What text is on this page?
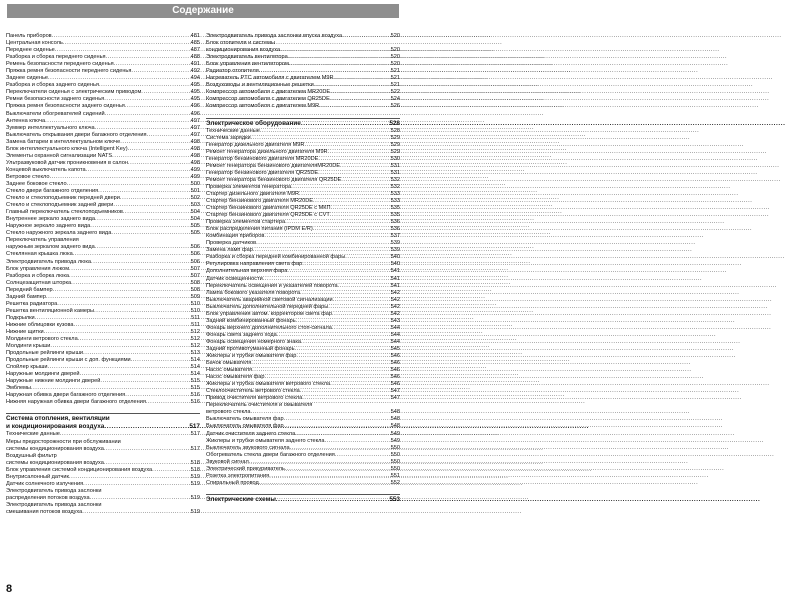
Содержание
Панель приборов .....	481
Центральная консоль .....	485
Переднее сиденье .....	487
Разборка и сборка переднего сиденья .....	488
Ремень безопасности переднего сиденья .....	491
Пряжка ремня безопасности переднего сиденья .....	492
Заднее сиденье .....	494
Разборка и сборка заднего сиденья .....	495
Переключатели сиденья с электрическим приводом .....	495
Ремни безопасности заднего сиденья .....	495
Пряжка ремня безопасности заднего сиденья .....	496
Выключатели обогревателей сидений .....	496
Антенна ключа .....	497
Зуммер интеллектуального ключа .....	497
Выключатель открывания двери багажного отделения .....	497
Замена батареи в интеллектуальном ключе .....	498
Блок интеллектуального ключа (Intelligent Key) .....	498
Элементы охранной сигнализации NATS .....	498
Ультразвуковой датчик проникновения в салон .....	498
Концевой выключатель капота .....	499
Ветровое стекло .....	499
Заднее боковое стекло .....	500
Стекло двери багажного отделения .....	501
Стекло и стеклоподъемник передней двери .....	502
Стекло и стеклоподъемник задней двери .....	503
Главный переключатель стеклоподъемников .....	504
Внутреннее зеркало заднего вида .....	504
Наружное зеркало заднего вида .....	505
Стекло наружного зеркала заднего вида .....	505
Переключатель управления
наружным зеркалом заднего вида .....	506
Стеклянная крышка люка .....	506
Электродвигатель привода люка .....	506
Блок управления люком .....	507
Разборка и сборка люка .....	507
Солнцезащитная шторка .....	508
Передний бампер .....	508
Задний бампер .....	509
Решетка радиатора .....	510
Решетка вентиляционной камеры .....	510
Подкрылки .....	511
Нижние облицовки кузова .....	511
Нижние щитки .....	512
Молдинги ветрового стекла .....	512
Молдинги крыши .....	512
Продольные рейлинги крыши .....	513
Продольные рейлинги крыши с доп. функциями .....	514
Спойлер крыши .....	514
Наружные молдинги дверей .....	514
Наружные нижние молдинги дверей .....	515
Эмблемы .....	515
Наружная обивка двери багажного отделения .....	516
Нижняя наружная обивка двери багажного отделения .....	516
Система отопления, вентиляции
и кондиционирования воздуха .....	517
Технические данные .....	517
Меры предосторожности при обслуживании
системы кондиционирования воздуха .....	517
Воздушный фильтр
системы кондиционирования воздуха .....	518
Блок управления системой кондиционирования воздуха .....	518
Внутрисалонный датчик .....	519
Датчик солнечного излучения .....	519
Электродвигатель привода заслонки
распределения потоков воздуха .....	519
Электродвигатель привода заслонки
смешивания потоков воздуха .....	519
Электродвигатель привода заслонки впуска воздуха .....	520
Блок отопителя и системы
кондиционирования воздуха .....	520
Электродвигатель вентилятора .....	520
Блок управления вентилятором .....	520
Радиатор отопителя .....	521
Нагреватель PTC автомобиля с двигателем M9R .....	521
Воздуховоды и вентиляционные решетки .....	521
Компрессор автомобиля с двигателем MR20DE .....	522
Компрессор автомобиля с двигателем QR25DE .....	524
Компрессор автомобиля с двигателем M9R .....	526
Электрическое оборудование .....	528
Технические данные .....	528
Система зарядки .....	529
Генератор дизельного двигателя M9R .....	529
Ремонт генератора дизельного двигателя M9R .....	529
Генератор бензинового двигателя MR20DE .....	530
Ремонт генератора бензинового двигателяMR20DE .....	531
Генератор бензинового двигателя QR25DE .....	531
Ремонт генератора бензинового двигателя QR25DE .....	532
Проверка элементов генератора .....	532
Стартер дизельного двигателя M9R .....	533
Стартер бензинового двигателя MR20DE .....	533
Стартер бензинового двигателя QR25DE с МКП .....	535
Стартер бензинового двигателя QR25DE с CVT .....	535
Проверка элементов стартера .....	536
Блок распределения питания (IPDM E/R) .....	536
Комбинация приборов .....	537
Проверка датчиков .....	539
Замена ламп фар .....	539
Разборка и сборка передней комбинированной фары .....	540
Регулировка направления света фар .....	540
Дополнительная верхняя фара .....	541
Датчик освещенности .....	541
Переключатель освещения и указателей поворота .....	541
Лампа бокового указателя поворота .....	542
Выключатель аварийной световой сигнализации .....	542
Выключатель дополнительной передней фары .....	542
Блок управления автом. корректором света фар .....	542
Задний комбинированный фонарь .....	543
Фонарь верхнего дополнительного стоп-сигнала .....	544
Фонарь света заднего хода .....	544
Фонарь освещения номерного знака .....	544
Задний противотуманный фонарь .....	545
Жиклеры и трубки омывателя фар .....	546
Бачок омывателя .....	546
Насос омывателя .....	546
Насос омывателя фар .....	546
Жиклеры и трубка омывателя ветрового стекла .....	546
Стеклоочиститель ветрового стекла .....	547
Привод очистителя ветрового стекла .....	547
Переключатель очистителя и омывателя
ветрового стекла .....	548
Выключатель омывателя фар .....	548
Выключатель омывателя фар .....	548
Датчик очистителя заднего стекла .....	549
Жиклеры и трубки омывателя заднего стекла .....	549
Выключатель звукового сигнала .....	550
Обогреватель стекла двери багажного отделения .....	550
Звуковой сигнал .....	550
Электрический прикуриватель .....	550
Розетка электропитания .....	551
Спиральный провод .....	552
Электрические схемы .....	553
8
